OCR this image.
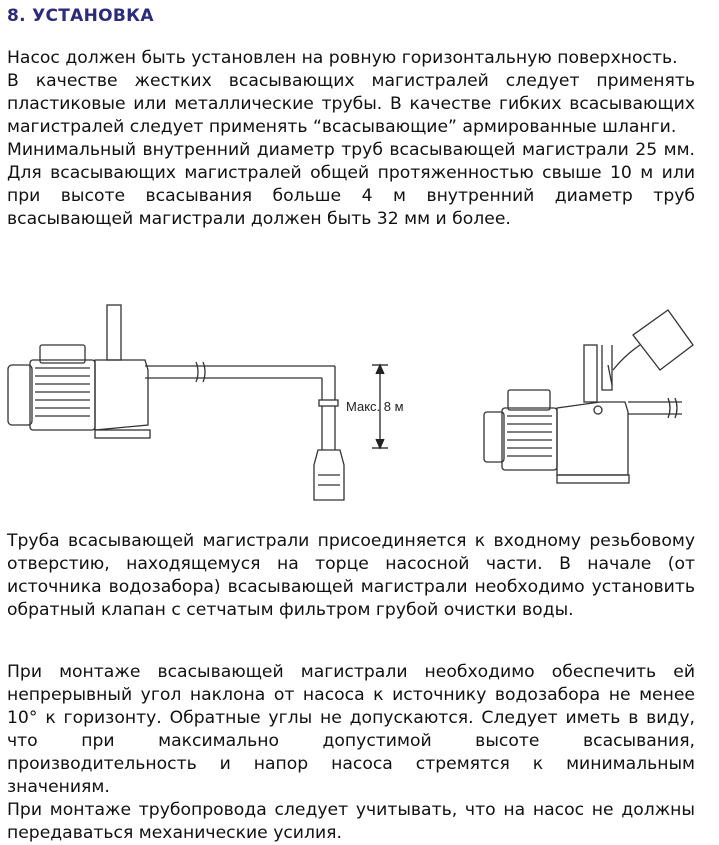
8. УСТАНОВКА

Насос должен быть установлен на ровную горизонтальную поверхность.
В качестве жестких всасывающих магистралей следует применять пластиковые или металлические трубы. В качестве гибких всасывающих магистралей следует применять “всасывающие” армированные шланги.
Минимальный внутренний диаметр труб всасывающей магистрали 25 мм. Для всасывающих магистралей общей протяженностью свыше 10 м или при высоте всасывания больше 4 м внутренний диаметр труб всасывающей магистрали должен быть 32 мм и более.

Макс. 8 м

Труба всасывающей магистрали присоединяется к входному резьбовому отверстию, находящемуся на торце насосной части. В начале (от источника водозабора) всасывающей магистрали необходимо установить обратный клапан с сетчатым фильтром грубой очистки воды.

При монтаже всасывающей магистрали необходимо обеспечить ей непрерывный угол наклона от насоса к источнику водозабора не менее 10° к горизонту. Обратные углы не допускаются. Следует иметь в виду, что при максимально допустимой высоте всасывания, производительность и напор насоса стремятся к минимальным значениям.
При монтаже трубопровода следует учитывать, что на насос не должны передаваться механические усилия.
